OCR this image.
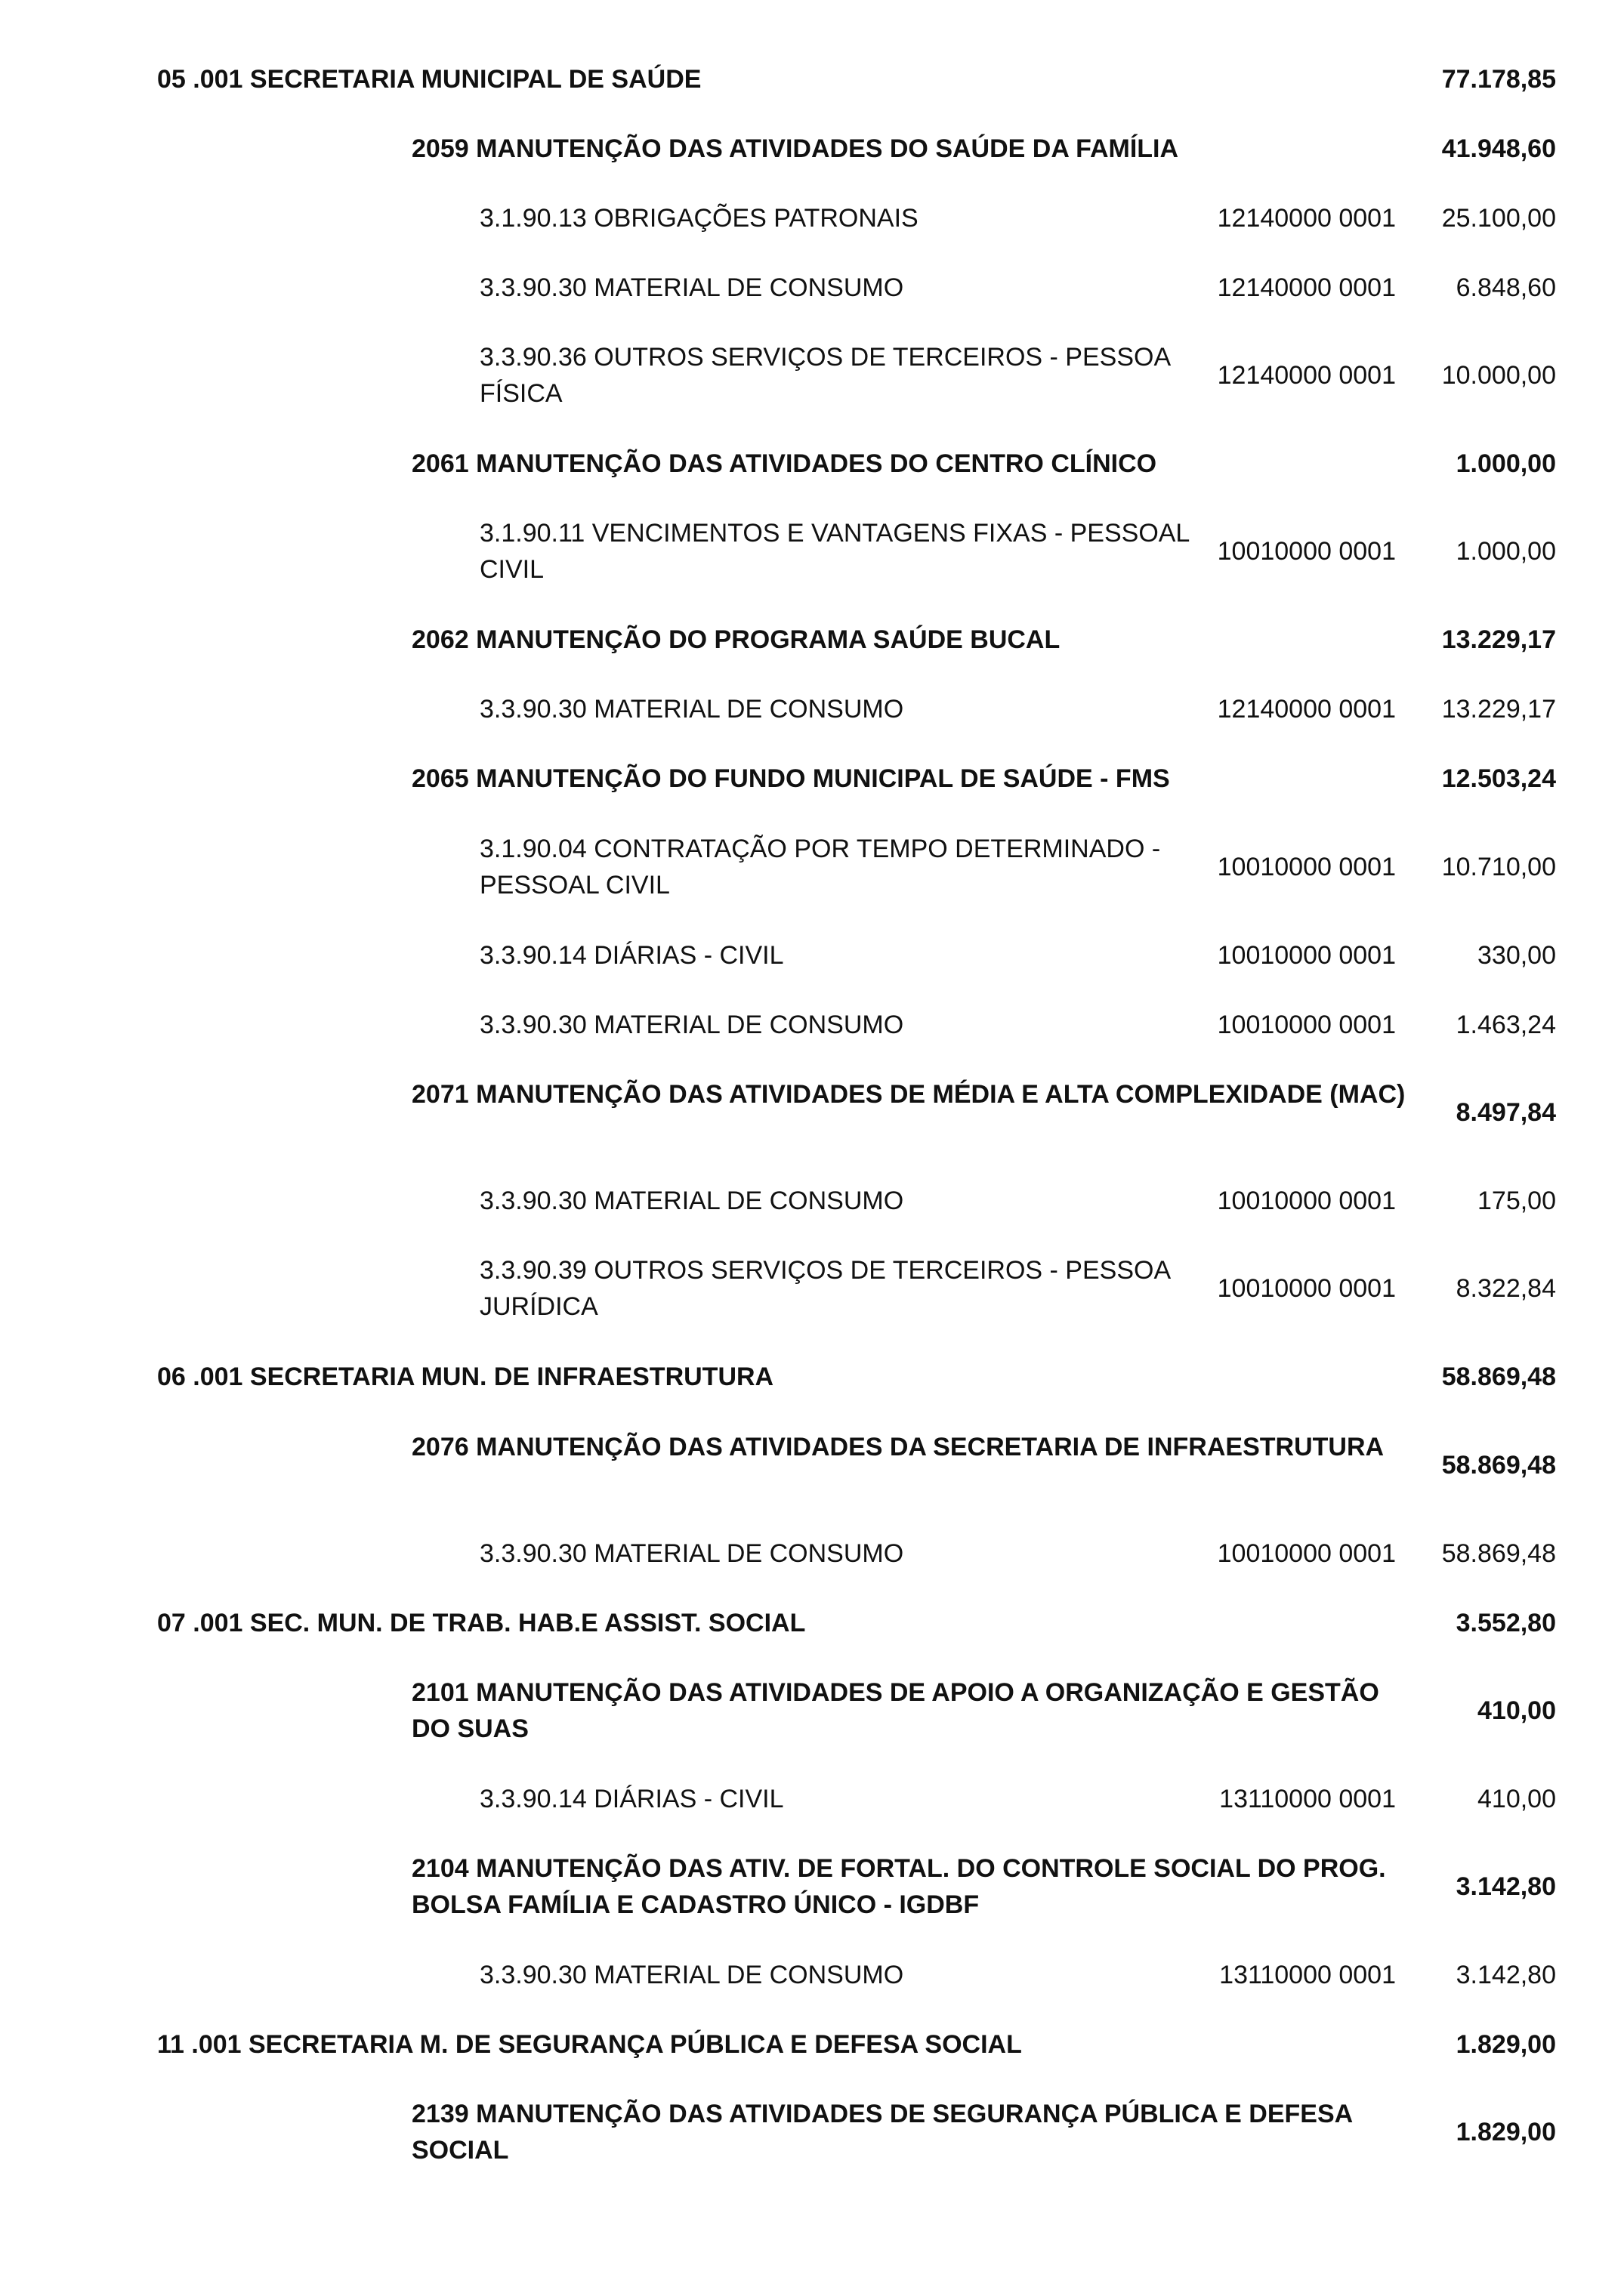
05 .001 SECRETARIA MUNICIPAL DE SAÚDE	77.178,85
2059 MANUTENÇÃO DAS ATIVIDADES DO SAÚDE DA FAMÍLIA	41.948,60
3.1.90.13 OBRIGAÇÕES PATRONAIS	12140000 0001 25.100,00
3.3.90.30 MATERIAL DE CONSUMO	12140000 0001 6.848,60
3.3.90.36 OUTROS SERVIÇOS DE TERCEIROS - PESSOA FÍSICA
12140000 0001 10.000,00
2061 MANUTENÇÃO DAS ATIVIDADES DO CENTRO CLÍNICO	1.000,00
3.1.90.11 VENCIMENTOS E VANTAGENS FIXAS - PESSOAL CIVIL
10010000 0001 1.000,00
2062 MANUTENÇÃO DO PROGRAMA SAÚDE BUCAL	13.229,17
3.3.90.30 MATERIAL DE CONSUMO	12140000 0001 13.229,17
2065 MANUTENÇÃO DO FUNDO MUNICIPAL DE SAÚDE - FMS	12.503,24
3.1.90.04 CONTRATAÇÃO POR TEMPO DETERMINADO - PESSOAL CIVIL
10010000 0001 10.710,00
3.3.90.14 DIÁRIAS - CIVIL	10010000 0001	330,00
3.3.90.30 MATERIAL DE CONSUMO	10010000 0001 1.463,24
2071 MANUTENÇÃO DAS ATIVIDADES DE MÉDIA E ALTA COMPLEXIDADE (MAC)
8.497,84
3.3.90.30 MATERIAL DE CONSUMO	10010000 0001	175,00
3.3.90.39 OUTROS SERVIÇOS DE TERCEIROS - PESSOA JURÍDICA
10010000 0001 8.322,84
06 .001 SECRETARIA MUN. DE INFRAESTRUTURA	58.869,48
2076 MANUTENÇÃO DAS ATIVIDADES DA SECRETARIA DE INFRAESTRUTURA
58.869,48
3.3.90.30 MATERIAL DE CONSUMO	10010000 0001 58.869,48
07 .001 SEC. MUN. DE TRAB. HAB.E ASSIST. SOCIAL	3.552,80
2101 MANUTENÇÃO DAS ATIVIDADES DE APOIO A ORGANIZAÇÃO E GESTÃO DO SUAS
410,00
3.3.90.14 DIÁRIAS - CIVIL	13110000 0001	410,00
2104 MANUTENÇÃO DAS ATIV. DE FORTAL. DO CONTROLE SOCIAL DO PROG. BOLSA FAMÍLIA E CADASTRO ÚNICO - IGDBF
3.142,80
3.3.90.30 MATERIAL DE CONSUMO	13110000 0001 3.142,80
11 .001 SECRETARIA M. DE SEGURANÇA PÚBLICA E DEFESA SOCIAL	1.829,00
2139 MANUTENÇÃO DAS ATIVIDADES DE SEGURANÇA PÚBLICA E DEFESA SOCIAL
1.829,00
